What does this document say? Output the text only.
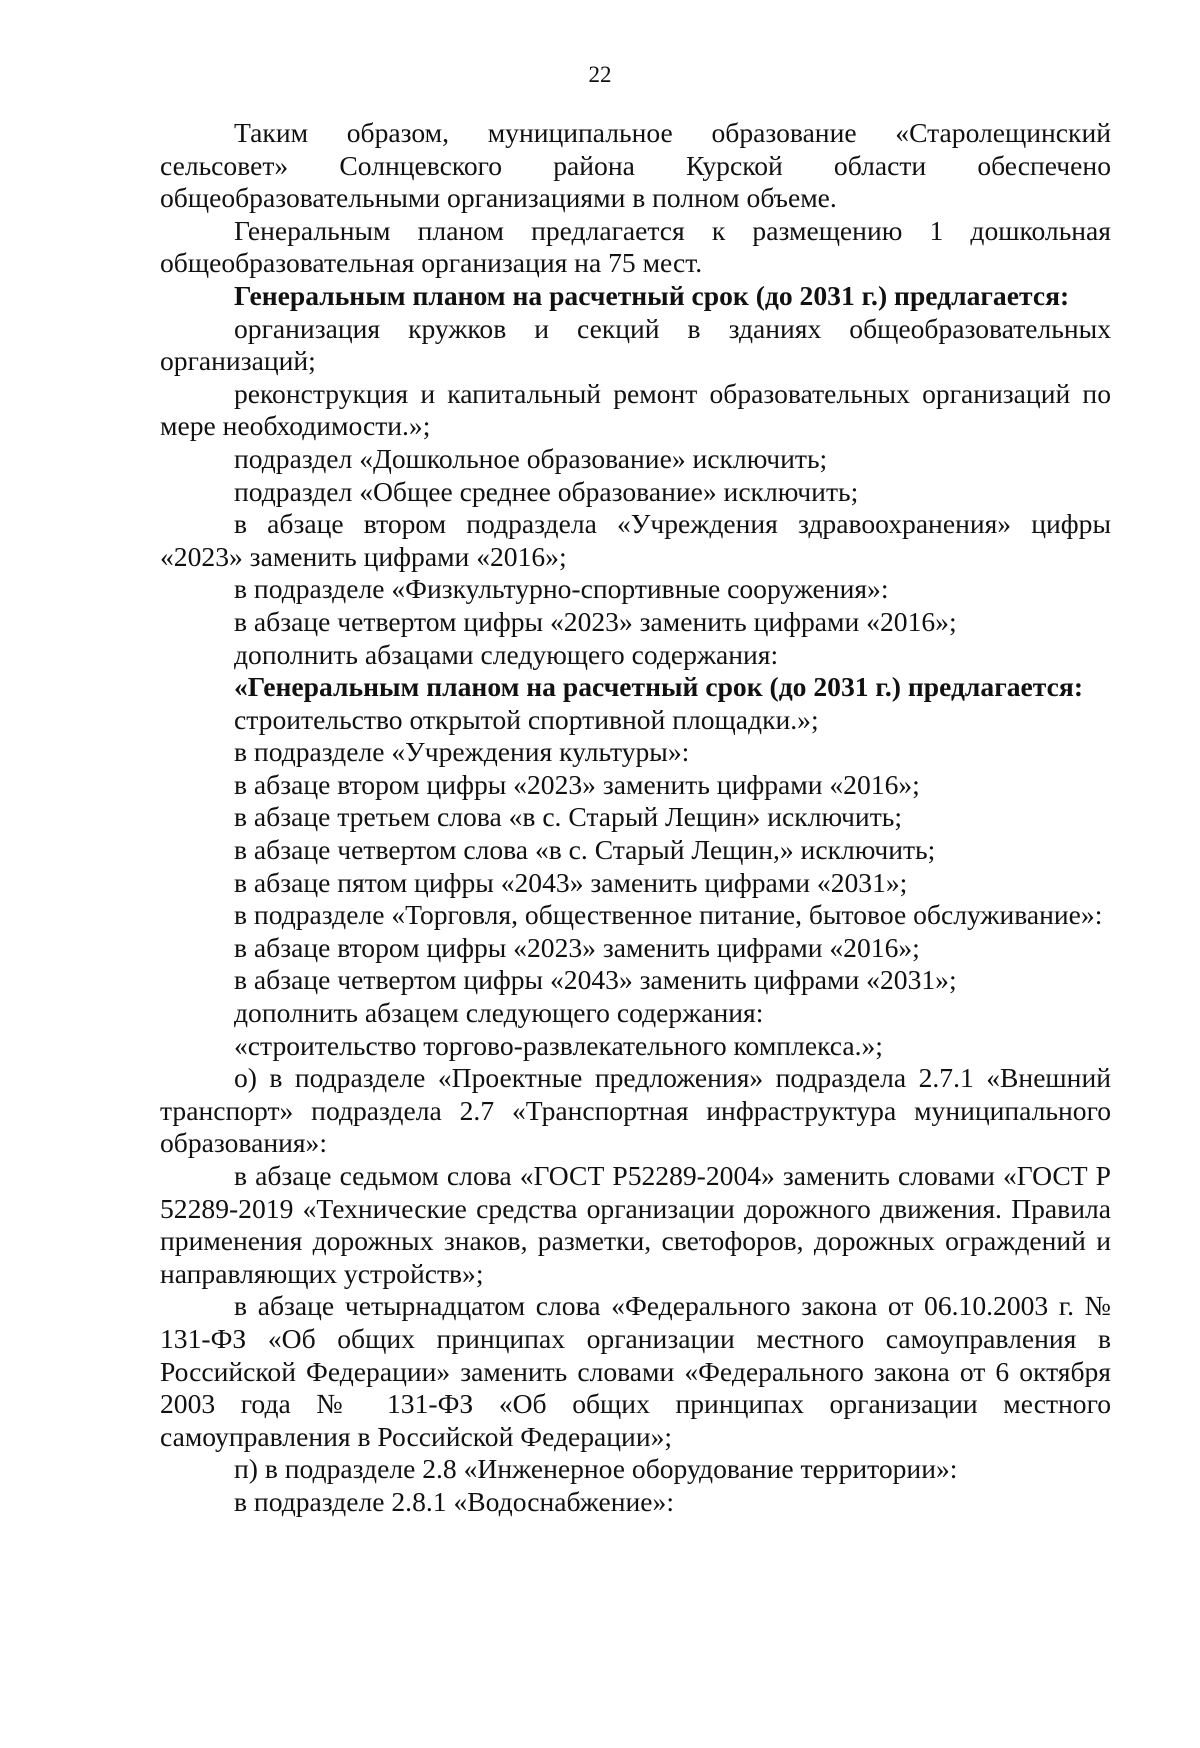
22

Таким образом, муниципальное образование «Старолещинский сельсовет» Солнцевского района Курской области обеспечено общеобразовательными организациями в полном объеме.

Генеральным планом предлагается к размещению 1 дошкольная общеобразовательная организация на 75 мест.

Генеральным планом на расчетный срок (до 2031 г.) предлагается:

организация кружков и секций в зданиях общеобразовательных организаций;

реконструкция и капитальный ремонт образовательных организаций по мере необходимости.»;

подраздел «Дошкольное образование» исключить;

подраздел «Общее среднее образование» исключить;

в абзаце втором подраздела «Учреждения здравоохранения» цифры «2023» заменить цифрами «2016»;

в подразделе «Физкультурно-спортивные сооружения»:

в абзаце четвертом цифры «2023» заменить цифрами «2016»;

дополнить абзацами следующего содержания:

«Генеральным планом на расчетный срок (до 2031 г.) предлагается:

строительство открытой спортивной площадки.»;

в подразделе «Учреждения культуры»:

в абзаце втором цифры «2023» заменить цифрами «2016»;

в абзаце третьем слова «в с. Старый Лещин» исключить;

в абзаце четвертом слова «в с. Старый Лещин,» исключить;

в абзаце пятом цифры «2043» заменить цифрами «2031»;

в подразделе «Торговля, общественное питание, бытовое обслуживание»:

в абзаце втором цифры «2023» заменить цифрами «2016»;

в абзаце четвертом цифры «2043» заменить цифрами «2031»;

дополнить абзацем следующего содержания:

«строительство торгово-развлекательного комплекса.»;

о) в подразделе «Проектные предложения» подраздела 2.7.1 «Внешний транспорт» подраздела 2.7 «Транспортная инфраструктура муниципального образования»:

в абзаце седьмом слова «ГОСТ Р52289-2004» заменить словами «ГОСТ Р 52289-2019 «Технические средства организации дорожного движения. Правила применения дорожных знаков, разметки, светофоров, дорожных ограждений и направляющих устройств»;

в абзаце четырнадцатом слова «Федерального закона от 06.10.2003 г. № 131-ФЗ «Об общих принципах организации местного самоуправления в Российской Федерации» заменить словами «Федерального закона от 6 октября 2003 года № 131-ФЗ «Об общих принципах организации местного самоуправления в Российской Федерации»;

п) в подразделе 2.8 «Инженерное оборудование территории»:

в подразделе 2.8.1 «Водоснабжение»:
